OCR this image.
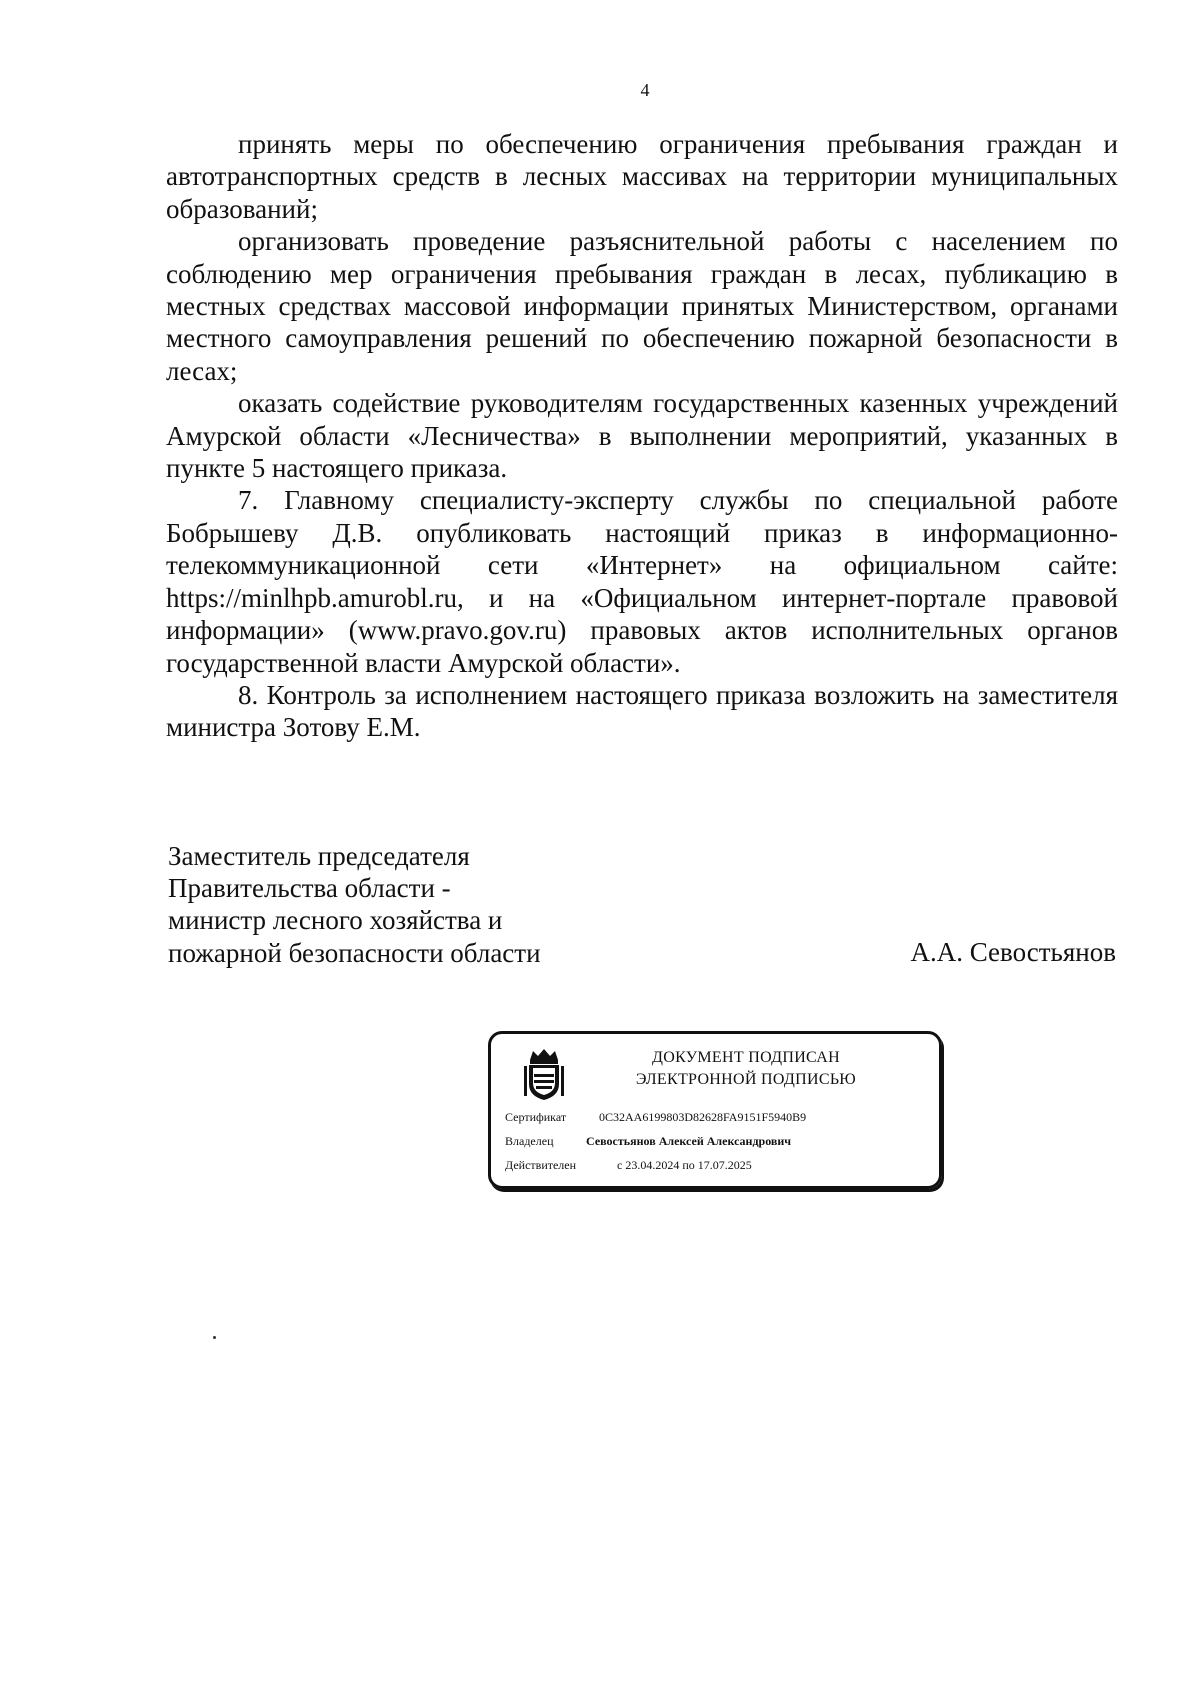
4

принять меры по обеспечению ограничения пребывания граждан и автотранспортных средств в лесных массивах на территории муниципальных образований;

организовать проведение разъяснительной работы с населением по соблюдению мер ограничения пребывания граждан в лесах, публикацию в местных средствах массовой информации принятых Министерством, органами местного самоуправления решений по обеспечению пожарной безопасности в лесах;

оказать содействие руководителям государственных казенных учреждений Амурской области «Лесничества» в выполнении мероприятий, указанных в пункте 5 настоящего приказа.

7. Главному специалисту-эксперту службы по специальной работе Бобрышеву Д.В. опубликовать настоящий приказ в информационно-телекоммуникационной сети «Интернет» на официальном сайте: https://minlhpb.amurobl.ru, и на «Официальном интернет-портале правовой информации» (www.pravo.gov.ru) правовых актов исполнительных органов государственной власти Амурской области».

8. Контроль за исполнением настоящего приказа возложить на заместителя министра Зотову Е.М.

Заместитель председателя
Правительства области -
министр лесного хозяйства и
пожарной безопасности области	А.А. Севостьянов
ДОКУМЕНТ ПОДПИСАН
ЭЛЕКТРОННОЙ ПОДПИСЬЮ
Сертификат	0C32AA6199803D82628FA9151F5940B9
Владелец	Севостьянов Алексей Александрович
Действителен	с 23.04.2024 по 17.07.2025
